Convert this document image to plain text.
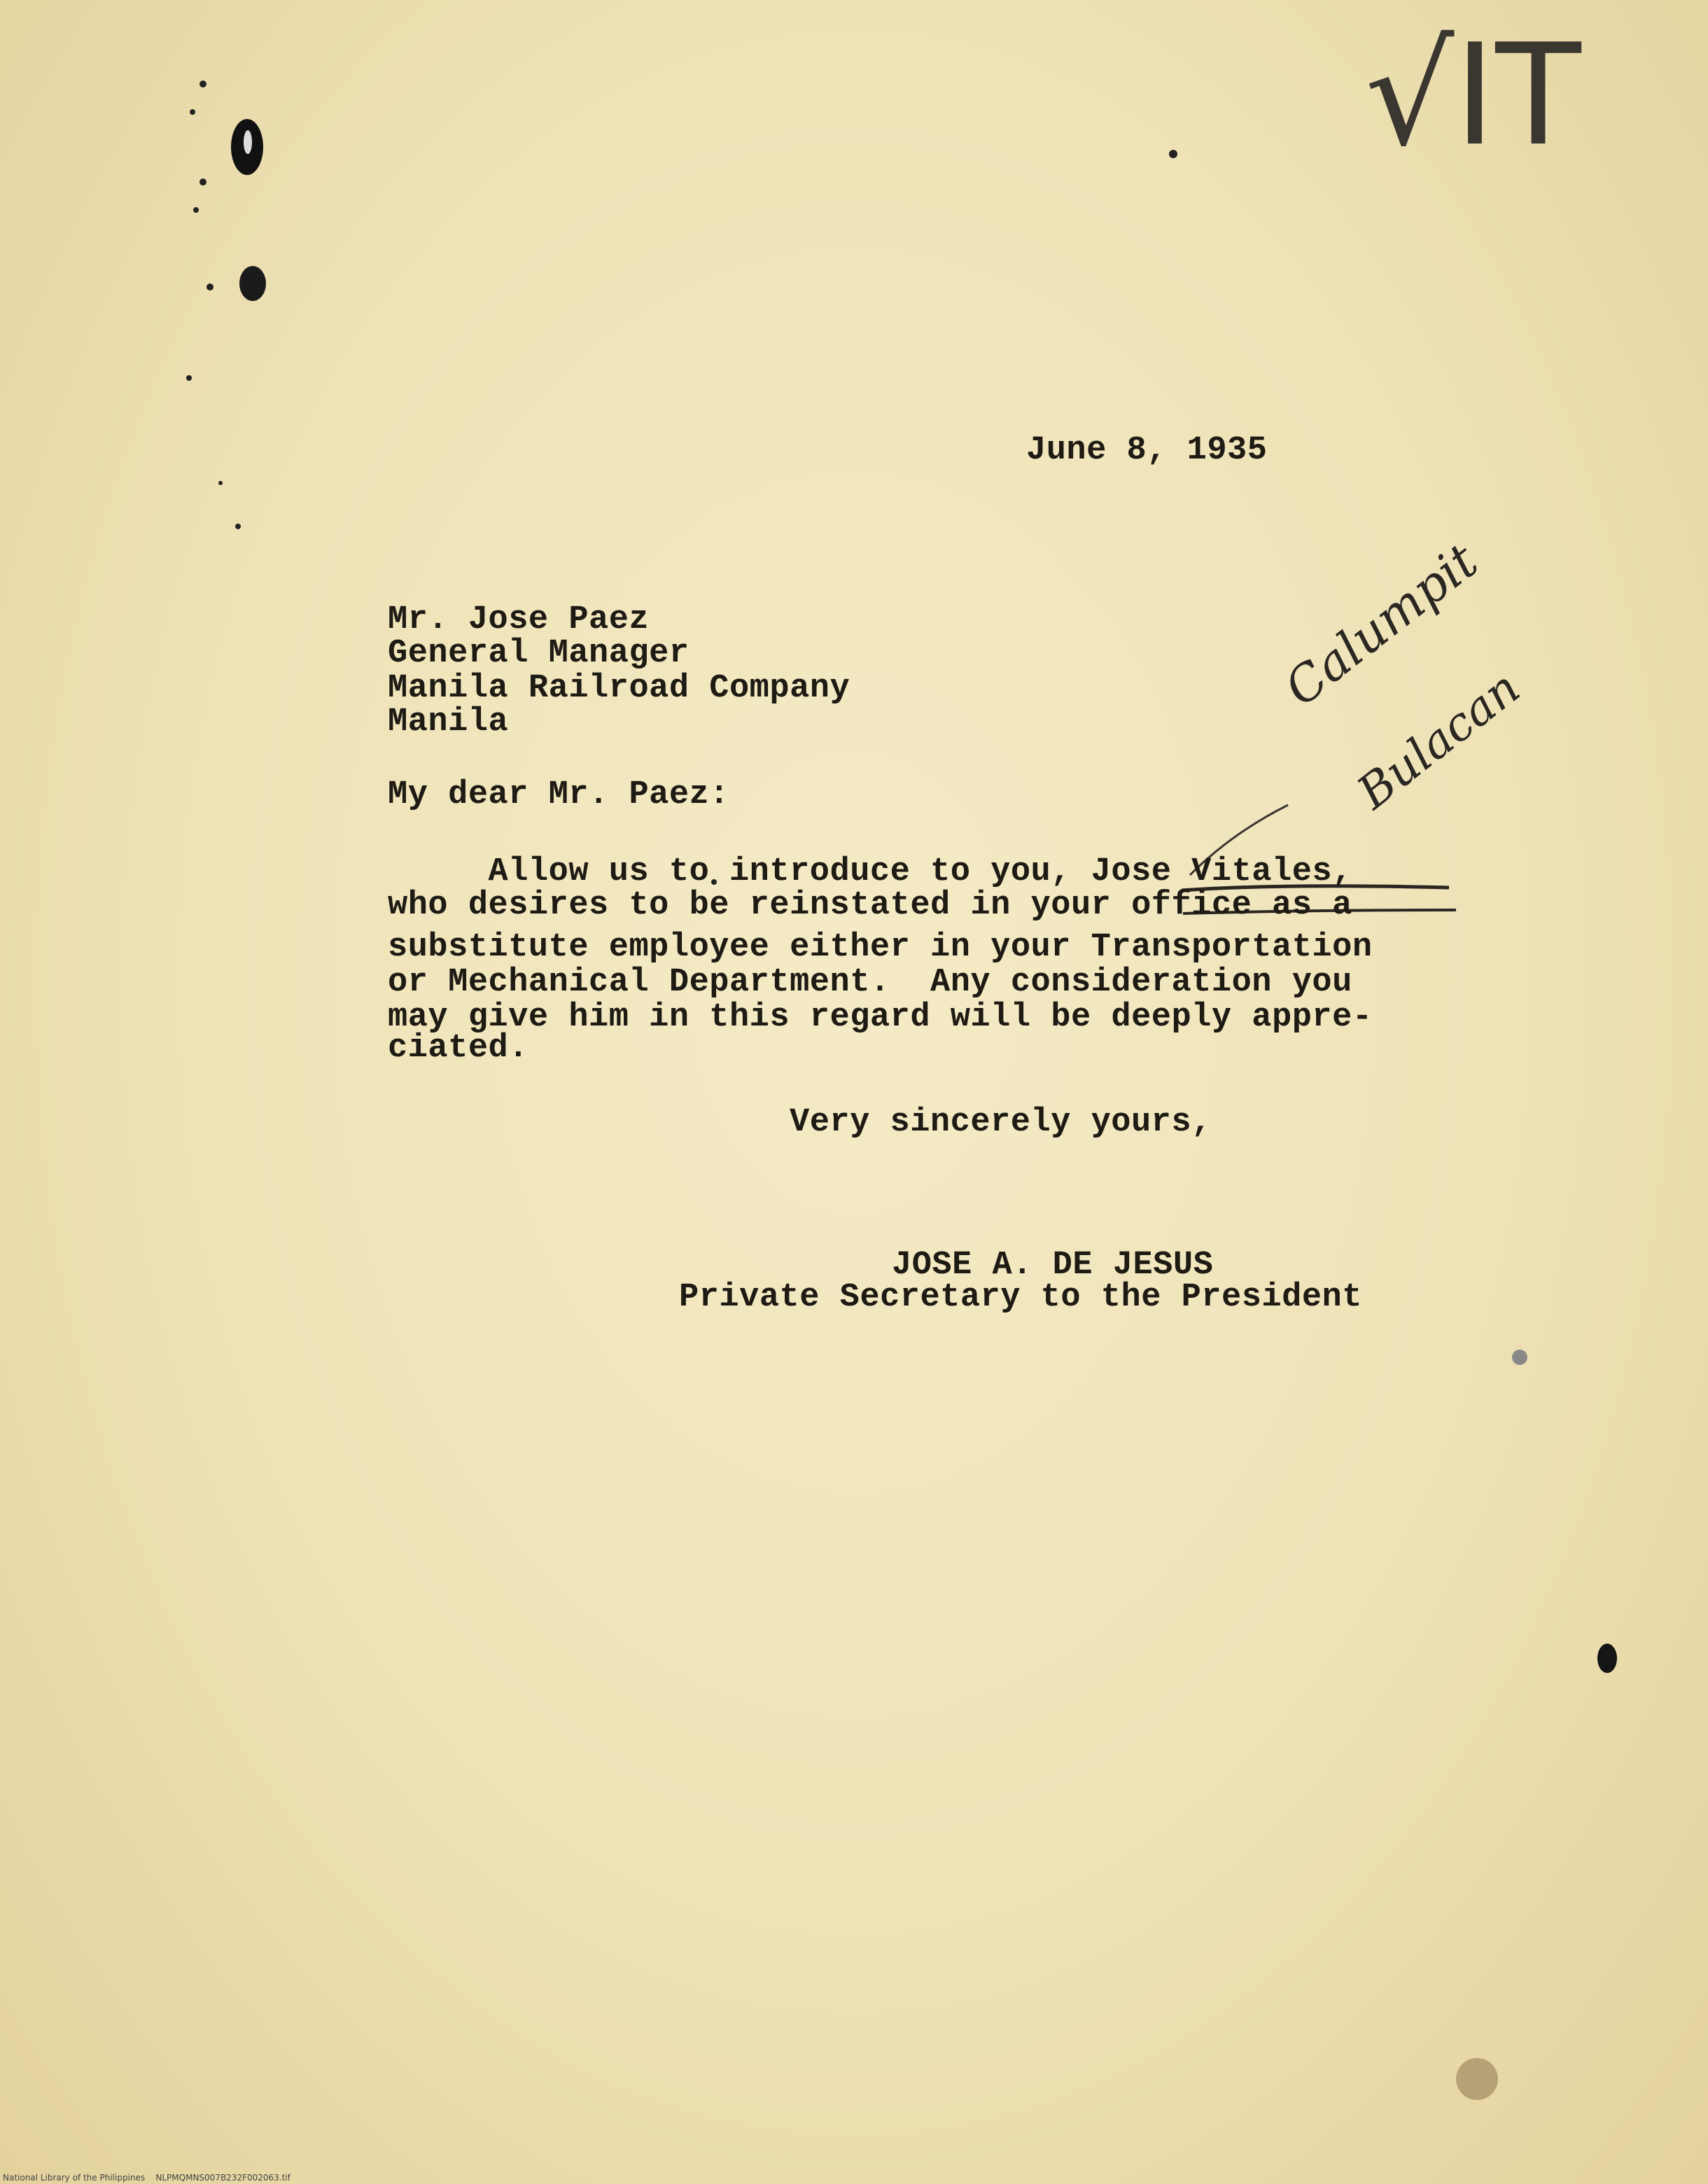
√IT
Calumpit
Bulacan
June 8, 1935
Mr. Jose Paez
General Manager
Manila Railroad Company
Manila
My dear Mr. Paez:
Allow us to introduce to you, Jose Vitales,
who desires to be reinstated in your office as a
substitute employee either in your Transportation
or Mechanical Department.  Any consideration you
may give him in this regard will be deeply appre-
ciated.
Very sincerely yours,
JOSE A. DE JESUS
Private Secretary to the President
National Library of the Philippines    NLPMQMNS007B232F002063.tif
